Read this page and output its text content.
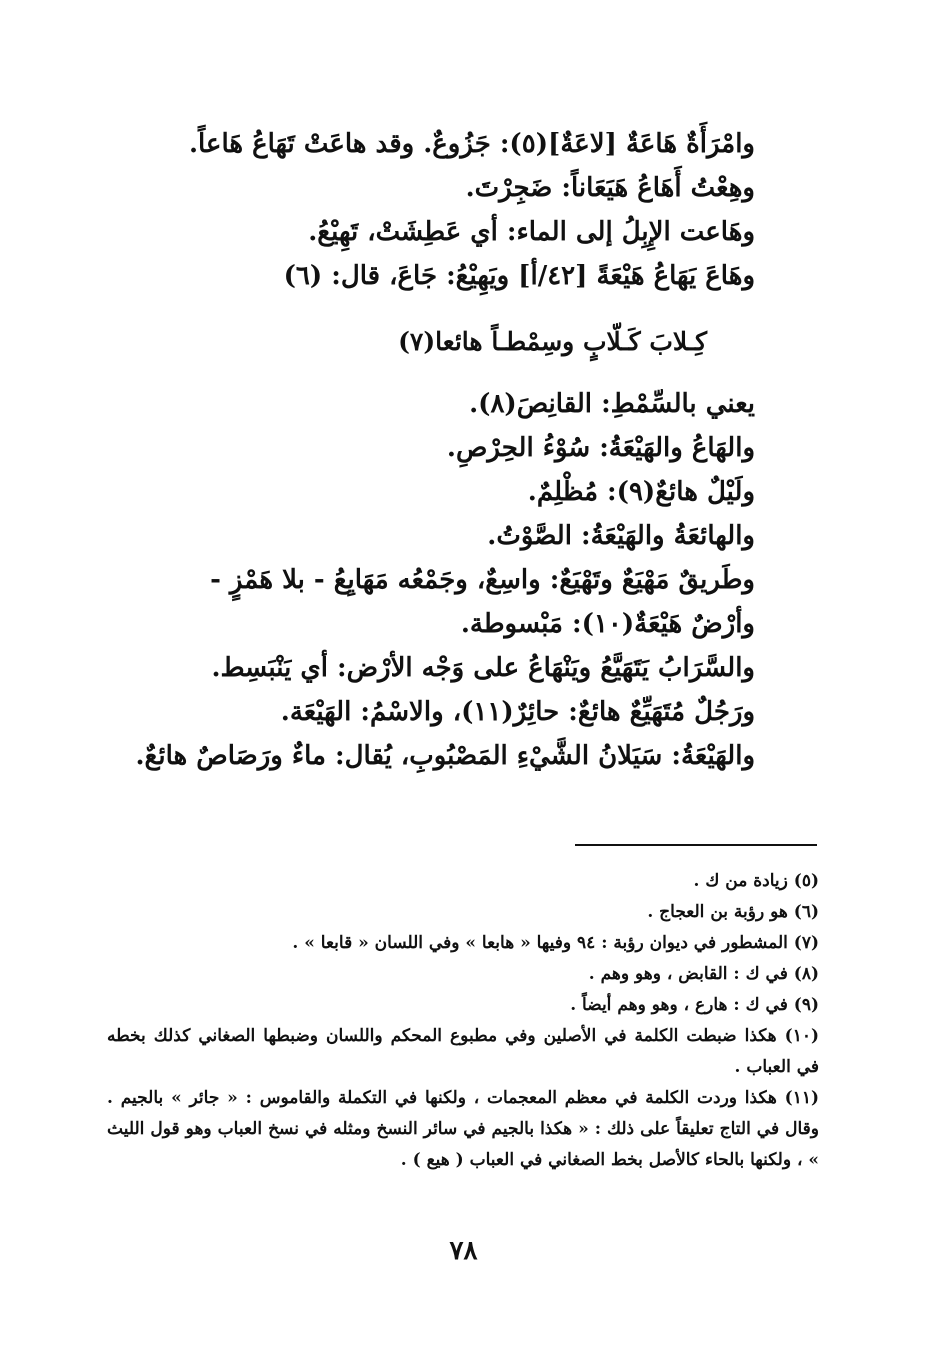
وامْرَأَةٌ هَاعَةٌ [لاعَةٌ](٥): جَزُوعٌ. وقد هاعَتْ تَهَاعُ هَاعاً.
وهِعْتُ أَهَاعُ هَيَعَاناً: ضَجِرْتَ.
وهَاعت الإِبِلُ إلى الماء: أي عَطِشَتْ، تَهِيْعُ.
وهَاعَ يَهَاعُ هَيْعَةً [٤٢/أ] ويَهِيْعُ: جَاعَ، قال: (٦)
كِـلابَ كَـلّابٍ وسِمْطـاً هائعا(٧)
يعني بالسِّمْطِ: القانِصَ(٨).
والهَاعُ والهَيْعَةُ: سُوْءُ الحِرْصِ.
ولَيْلٌ هائعٌ(٩): مُظْلِمٌ.
والهائعَةُ والهَيْعَةُ: الصَّوْتُ.
وطَريقٌ مَهْيَعٌ وتَهْيَعٌ: واسِعٌ، وجَمْعُه مَهَايِعُ - بلا هَمْزٍ -
وأرْضٌ هَيْعَةٌ(١٠): مَبْسوطة.
والسَّرَابُ يَتَهَيَّعُ ويَنْهَاعُ على وَجْه الأرْض: أي يَنْبَسِط.
ورَجُلٌ مُتَهَيِّعٌ هائعٌ: حائِرٌ(١١)، والاسْمُ: الهَيْعَة.
والهَيْعَةُ: سَيَلانُ الشَّيْءِ المَصْبُوبِ، يُقال: ماءٌ ورَصَاصٌ هائعٌ.
(٥) زيادة من ك .
(٦) هو رؤبة بن العجاج .
(٧) المشطور في ديوان رؤبة : ٩٤ وفيها « هابعا » وفي اللسان « قابعا » .
(٨) في ك : القابض ، وهو وهم .
(٩) في ك : هارع ، وهو وهم أيضاً .
(١٠) هكذا ضبطت الكلمة في الأصلين وفي مطبوع المحكم واللسان وضبطها الصغاني كذلك بخطه في العباب .
(١١) هكذا وردت الكلمة في معظم المعجمات ، ولكنها في التكملة والقاموس : « جائر » بالجيم . وقال في التاج تعليقاً على ذلك : « هكذا بالجيم في سائر النسخ ومثله في نسخ العباب وهو قول الليث » ، ولكنها بالحاء كالأصل بخط الصغاني في العباب ( هيع ) .
٧٨
